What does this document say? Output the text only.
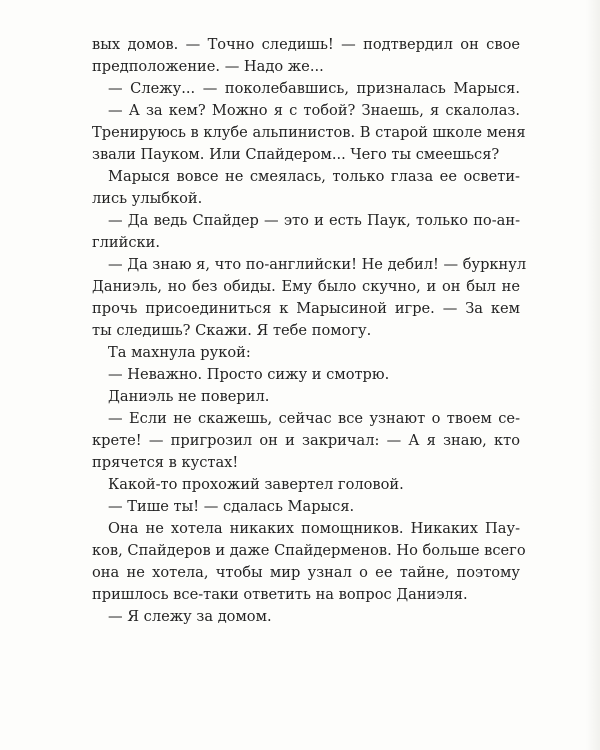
вых домов. — Точно следишь! — подтвердил он свое
предположение. — Надо же...
— Слежу... — поколебавшись, призналась Марыся.
— А за кем? Можно я с тобой? Знаешь, я скалолаз.
Тренируюсь в клубе альпинистов. В старой школе меня
звали Пауком. Или Спайдером... Чего ты смеешься?
Марыся вовсе не смеялась, только глаза ее освети-
лись улыбкой.
— Да ведь Спайдер — это и есть Паук, только по-ан-
глийски.
— Да знаю я, что по-английски! Не дебил! — буркнул
Даниэль, но без обиды. Ему было скучно, и он был не
прочь присоединиться к Марысиной игре. — За кем
ты следишь? Скажи. Я тебе помогу.
Та махнула рукой:
— Неважно. Просто сижу и смотрю.
Даниэль не поверил.
— Если не скажешь, сейчас все узнают о твоем се-
крете! — пригрозил он и закричал: — А я знаю, кто
прячется в кустах!
Какой-то прохожий завертел головой.
— Тише ты! — сдалась Марыся.
Она не хотела никаких помощников. Никаких Пау-
ков, Спайдеров и даже Спайдерменов. Но больше всего
она не хотела, чтобы мир узнал о ее тайне, поэтому
пришлось все-таки ответить на вопрос Даниэля.
— Я слежу за домом.
